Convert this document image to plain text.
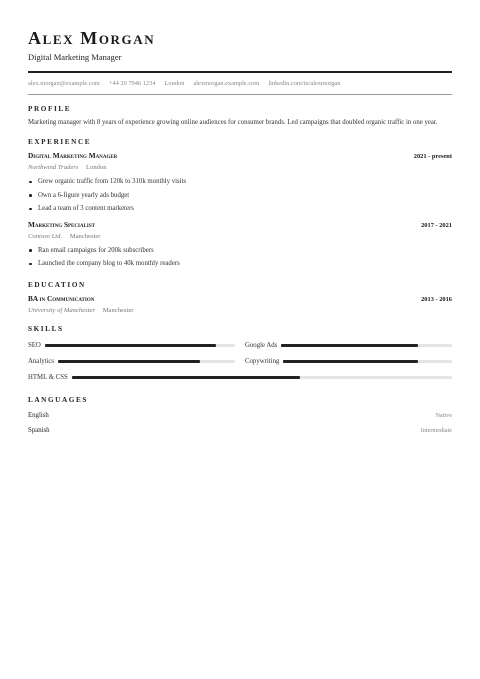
Alex Morgan
Digital Marketing Manager
alex.morgan@example.com +44 20 7946 1234 London alexmorgan.example.com linkedin.com/in/alexmorgan
PROFILE
Marketing manager with 8 years of experience growing online audiences for consumer brands. Led campaigns that doubled organic traffic in one year.
EXPERIENCE
Digital Marketing Manager	2021 - present
Northwind Traders London
Grew organic traffic from 120k to 310k monthly visits
Own a 6-figure yearly ads budget
Lead a team of 3 content marketers
Marketing Specialist	2017 - 2021
Contoso Ltd. Manchester
Ran email campaigns for 200k subscribers
Launched the company blog to 40k monthly readers
EDUCATION
BA in Communication	2013 - 2016
University of Manchester Manchester
SKILLS
SEO	Google Ads
Analytics	Copywriting
HTML & CSS
LANGUAGES
English	Native
Spanish	Intermediate
